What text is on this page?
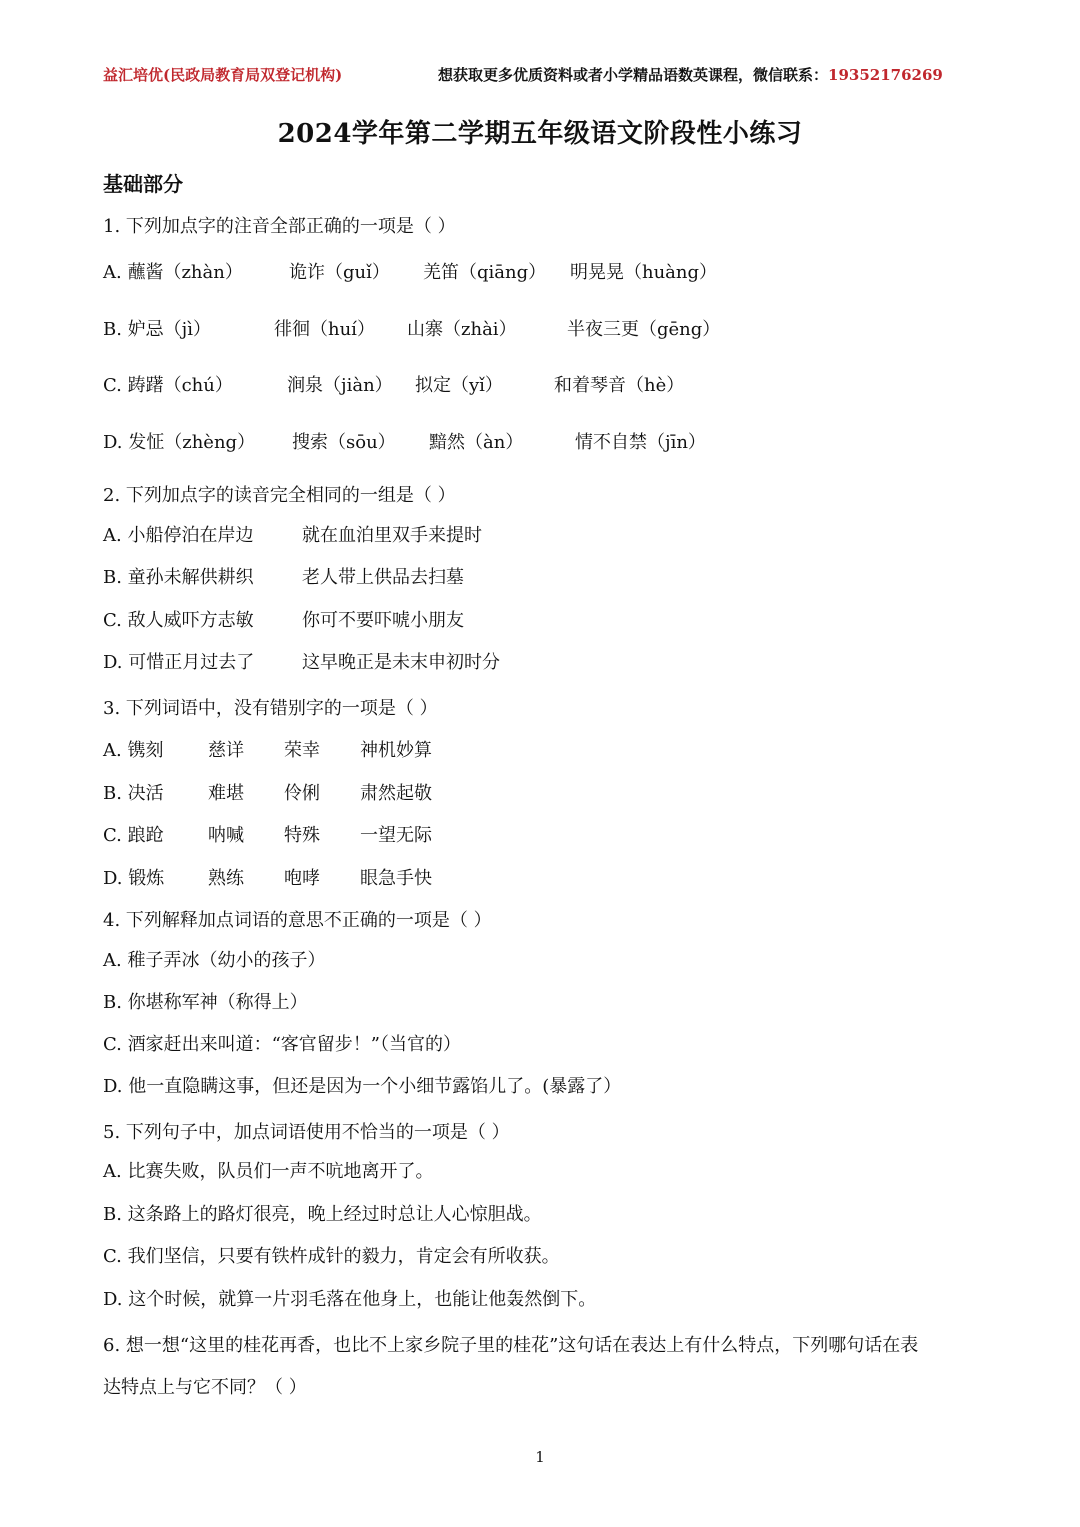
益汇培优(民政局教育局双登记机构)	想获取更多优质资料或者小学精品语数英课程，微信联系：19352176269
2024学年第二学期五年级语文阶段性小练习
基础部分
1. 下列加点字的注音全部正确的一项是（ ）
A. 蘸酱（zhàn）	诡诈（guǐ） 羌笛（qiāng） 明晃晃（huàng）
B. 妒忌（jì）	徘徊（huí） 山寨（zhài）	半夜三更（gēng）
C. 踌躇（chú）	涧泉（jiàn） 拟定（yǐ）	和着琴音（hè）
D. 发怔（zhèng） 搜索（sōu） 黯然（àn）	情不自禁（jīn）
2. 下列加点字的读音完全相同的一组是（ ）
A. 小船停泊在岸边	就在血泊里双手来提时
B. 童孙未解供耕织	老人带上供品去扫墓
C. 敌人威吓方志敏	你可不要吓唬小朋友
D. 可惜正月过去了	这早晚正是未末申初时分
3. 下列词语中，没有错别字的一项是（ ）
A. 镌刻 慈详 荣幸 神机妙算
B. 决活 难堪 伶俐 肃然起敬
C. 踉跄 呐喊 特殊 一望无际
D. 锻炼 熟练 咆哮 眼急手快
4. 下列解释加点词语的意思不正确的一项是（ ）
A. 稚子弄冰（幼小的孩子）
B. 你堪称军神（称得上）
C. 酒家赶出来叫道：“客官留步！”（当官的）
D. 他一直隐瞒这事，但还是因为一个小细节露馅儿了。(暴露了）
5. 下列句子中，加点词语使用不恰当的一项是（ ）
A. 比赛失败，队员们一声不吭地离开了。
B. 这条路上的路灯很亮，晚上经过时总让人心惊胆战。
C. 我们坚信，只要有铁杵成针的毅力，肯定会有所收获。
D. 这个时候，就算一片羽毛落在他身上，也能让他轰然倒下。
6. 想一想“这里的桂花再香，也比不上家乡院子里的桂花”这句话在表达上有什么特点，下列哪句话在表
达特点上与它不同？（ ）
1
